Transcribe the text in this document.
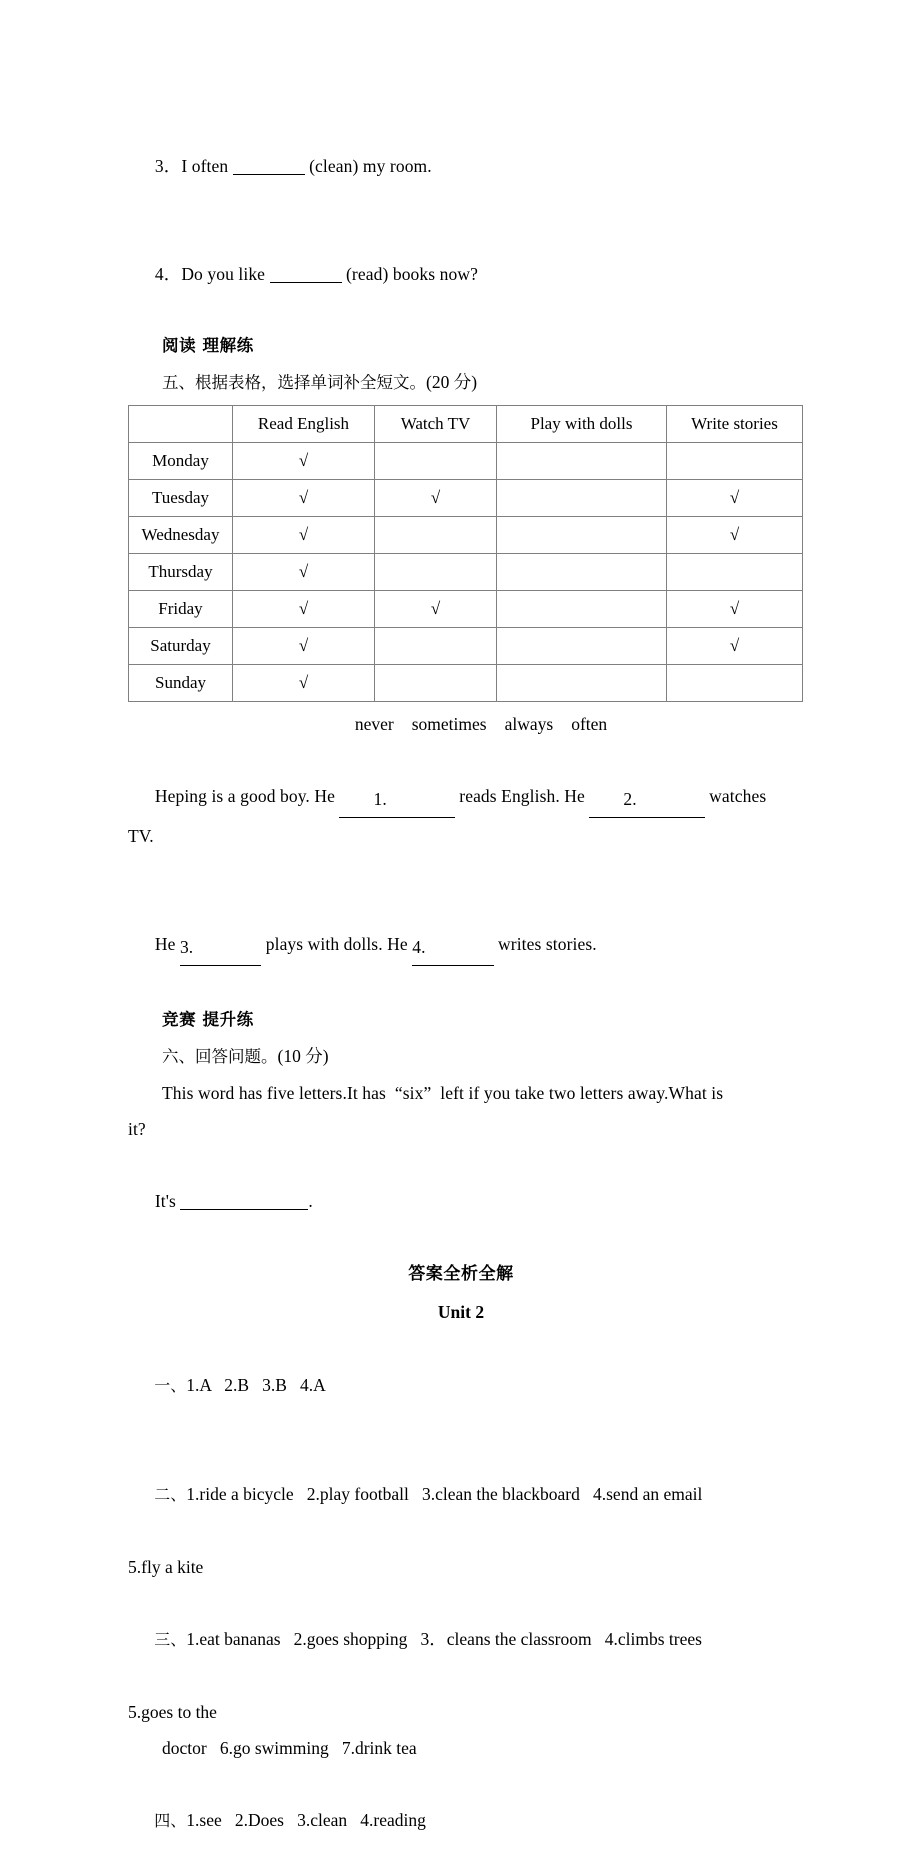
3．I often	(clean) my room.

4．Do you like	(read) books now?

阅读 理解练
五、根据表格，选择单词补全短文。(20 分)
	Read English	Watch TV	Play with dolls	Write stories
Monday	√			
Tuesday	√	√		√
Wednesday	√			√
Thursday	√			
Friday	√	√		√
Saturday	√			√
Sunday	√			
never sometimes always often

Heping is a good boy. He 1.	reads English. He 2.	watches TV.

He 3.	plays with dolls. He 4.	writes stories.

竞赛 提升练
六、回答问题。(10 分)
This word has five letters.It has  “six”  left if you take two letters away.What is
it?

It's	.

答案全析全解
Unit 2

一、1.A   2.B   3.B   4.A

二、1.ride a bicycle   2.play football   3.clean the blackboard   4.send an email

5.fly a kite

三、1.eat bananas   2.goes shopping   3．cleans the classroom   4.climbs trees

5.goes to the
doctor   6.go swimming   7.drink tea

四、1.see   2.Does   3.clean   4.reading
